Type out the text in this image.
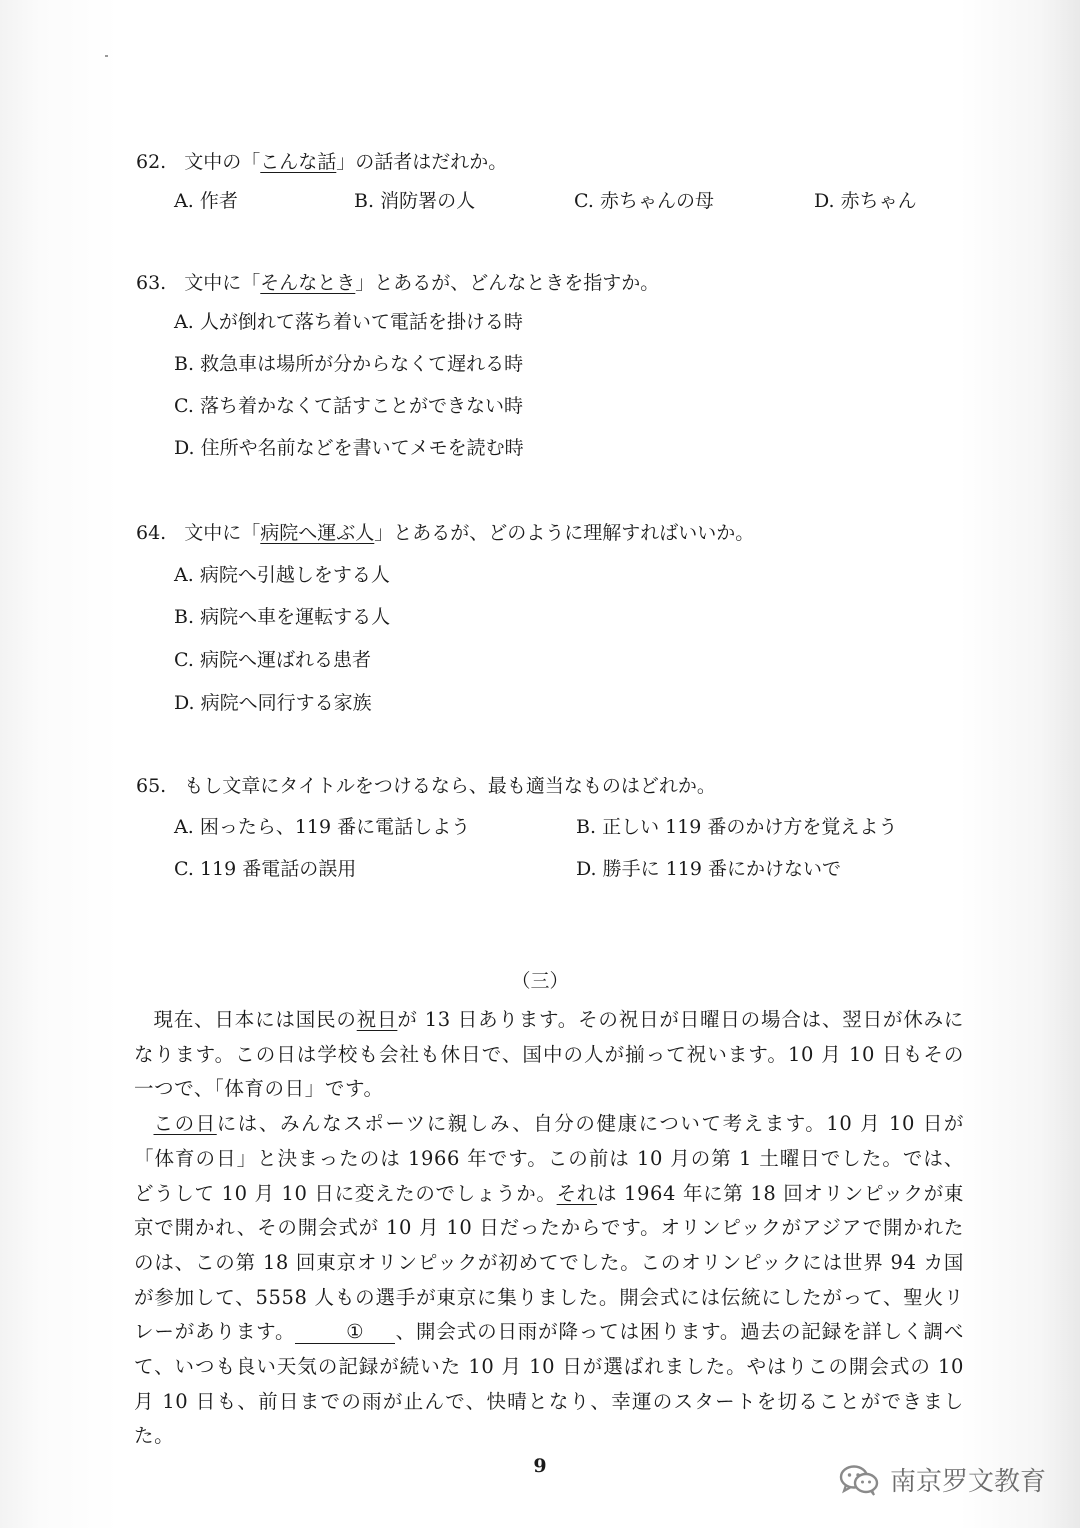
62. 文中の「こんな話」の話者はだれか。
A. 作者	B. 消防署の人	C. 赤ちゃんの母	D. 赤ちゃん
63. 文中に「そんなとき」とあるが、どんなときを指すか。
A. 人が倒れて落ち着いて電話を掛ける時
B. 救急車は場所が分からなくて遅れる時
C. 落ち着かなくて話すことができない時
D. 住所や名前などを書いてメモを読む時
64. 文中に「病院へ運ぶ人」とあるが、どのように理解すればいいか。
A. 病院へ引越しをする人
B. 病院へ車を運転する人
C. 病院へ運ばれる患者
D. 病院へ同行する家族
65. もし文章にタイトルをつけるなら、最も適当なものはどれか。
A. 困ったら、119 番に電話しよう	B. 正しい 119 番のかけ方を覚えよう
C. 119 番電話の誤用	D. 勝手に 119 番にかけないで
（三）

現在、日本には国民の祝日が 13 日あります。その祝日が日曜日の場合は、翌日が休みになります。この日は学校も会社も休日で、国中の人が揃って祝います。10 月 10 日もその一つで、「体育の日」です。

この日には、みんなスポーツに親しみ、自分の健康について考えます。10 月 10 日が「体育の日」と決まったのは 1966 年です。この前は 10 月の第 1 土曜日でした。では、どうして 10 月 10 日に変えたのでしょうか。それは 1964 年に第 18 回オリンピックが東京で開かれ、その開会式が 10 月 10 日だったからです。オリンピックがアジアで開かれたのは、この第 18 回東京オリンピックが初めてでした。このオリンピックには世界 94 カ国が参加して、5558 人もの選手が東京に集りました。開会式には伝統にしたがって、聖火リレーがあります。	① 、開会式の日雨が降っては困ります。過去の記録を詳しく調べて、いつも良い天気の記録が続いた 10 月 10 日が選ばれました。やはりこの開会式の 10 月 10 日も、前日までの雨が止んで、快晴となり、幸運のスタートを切ることができました。

9
南京罗文教育
